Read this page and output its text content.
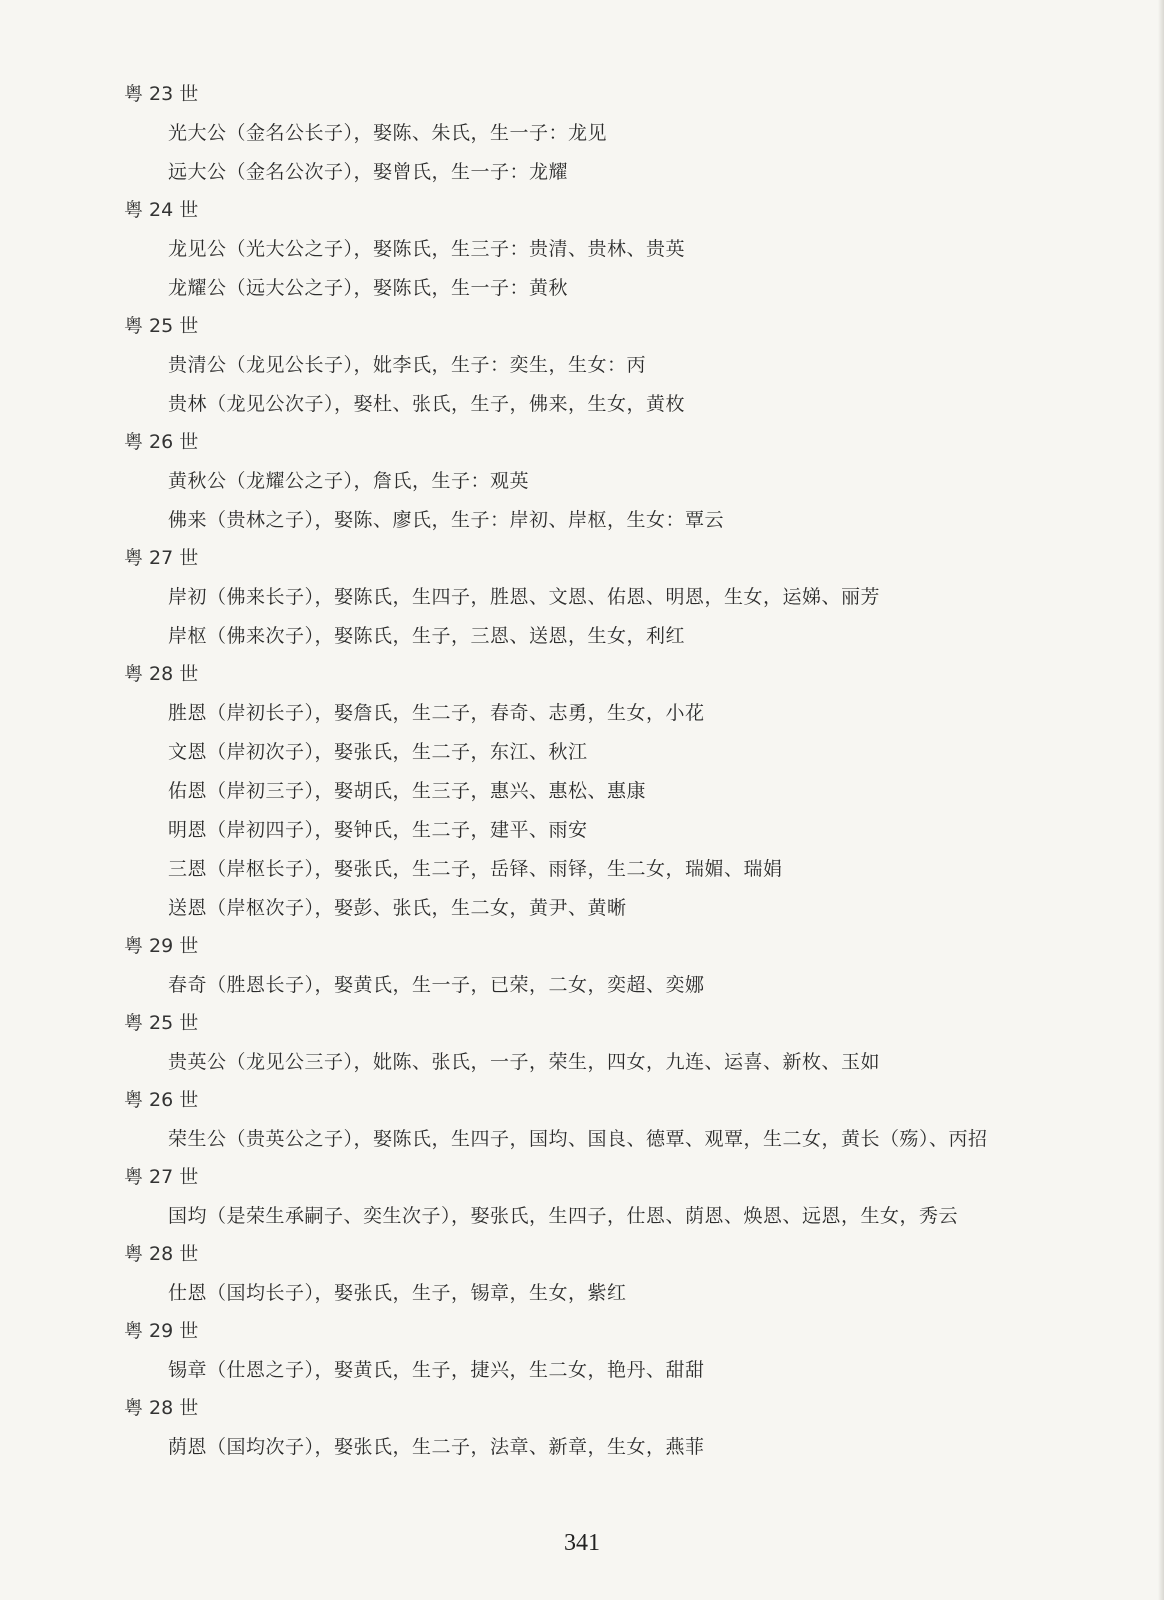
粤 23 世
光大公（金名公长子），娶陈、朱氏，生一子：龙见
远大公（金名公次子），娶曾氏，生一子：龙耀
粤 24 世
龙见公（光大公之子），娶陈氏，生三子：贵清、贵林、贵英
龙耀公（远大公之子），娶陈氏，生一子：黄秋
粤 25 世
贵清公（龙见公长子），妣李氏，生子：奕生，生女：丙
贵林（龙见公次子），娶杜、张氏，生子，佛来，生女，黄枚
粤 26 世
黄秋公（龙耀公之子），詹氏，生子：观英
佛来（贵林之子），娶陈、廖氏，生子：岸初、岸枢，生女：覃云
粤 27 世
岸初（佛来长子），娶陈氏，生四子，胜恩、文恩、佑恩、明恩，生女，运娣、丽芳
岸枢（佛来次子），娶陈氏，生子，三恩、送恩，生女，利红
粤 28 世
胜恩（岸初长子），娶詹氏，生二子，春奇、志勇，生女，小花
文恩（岸初次子），娶张氏，生二子，东江、秋江
佑恩（岸初三子），娶胡氏，生三子，惠兴、惠松、惠康
明恩（岸初四子），娶钟氏，生二子，建平、雨安
三恩（岸枢长子），娶张氏，生二子，岳铎、雨铎，生二女，瑞媚、瑞娟
送恩（岸枢次子），娶彭、张氏，生二女，黄尹、黄晰
粤 29 世
春奇（胜恩长子），娶黄氏，生一子，已荣，二女，奕超、奕娜
粤 25 世
贵英公（龙见公三子），妣陈、张氏，一子，荣生，四女，九连、运喜、新枚、玉如
粤 26 世
荣生公（贵英公之子），娶陈氏，生四子，国均、国良、德覃、观覃，生二女，黄长（殇）、丙招
粤 27 世
国均（是荣生承嗣子、奕生次子），娶张氏，生四子，仕恩、荫恩、焕恩、远恩，生女，秀云
粤 28 世
仕恩（国均长子），娶张氏，生子，锡章，生女，紫红
粤 29 世
锡章（仕恩之子），娶黄氏，生子，捷兴，生二女，艳丹、甜甜
粤 28 世
荫恩（国均次子），娶张氏，生二子，法章、新章，生女，燕菲
341
